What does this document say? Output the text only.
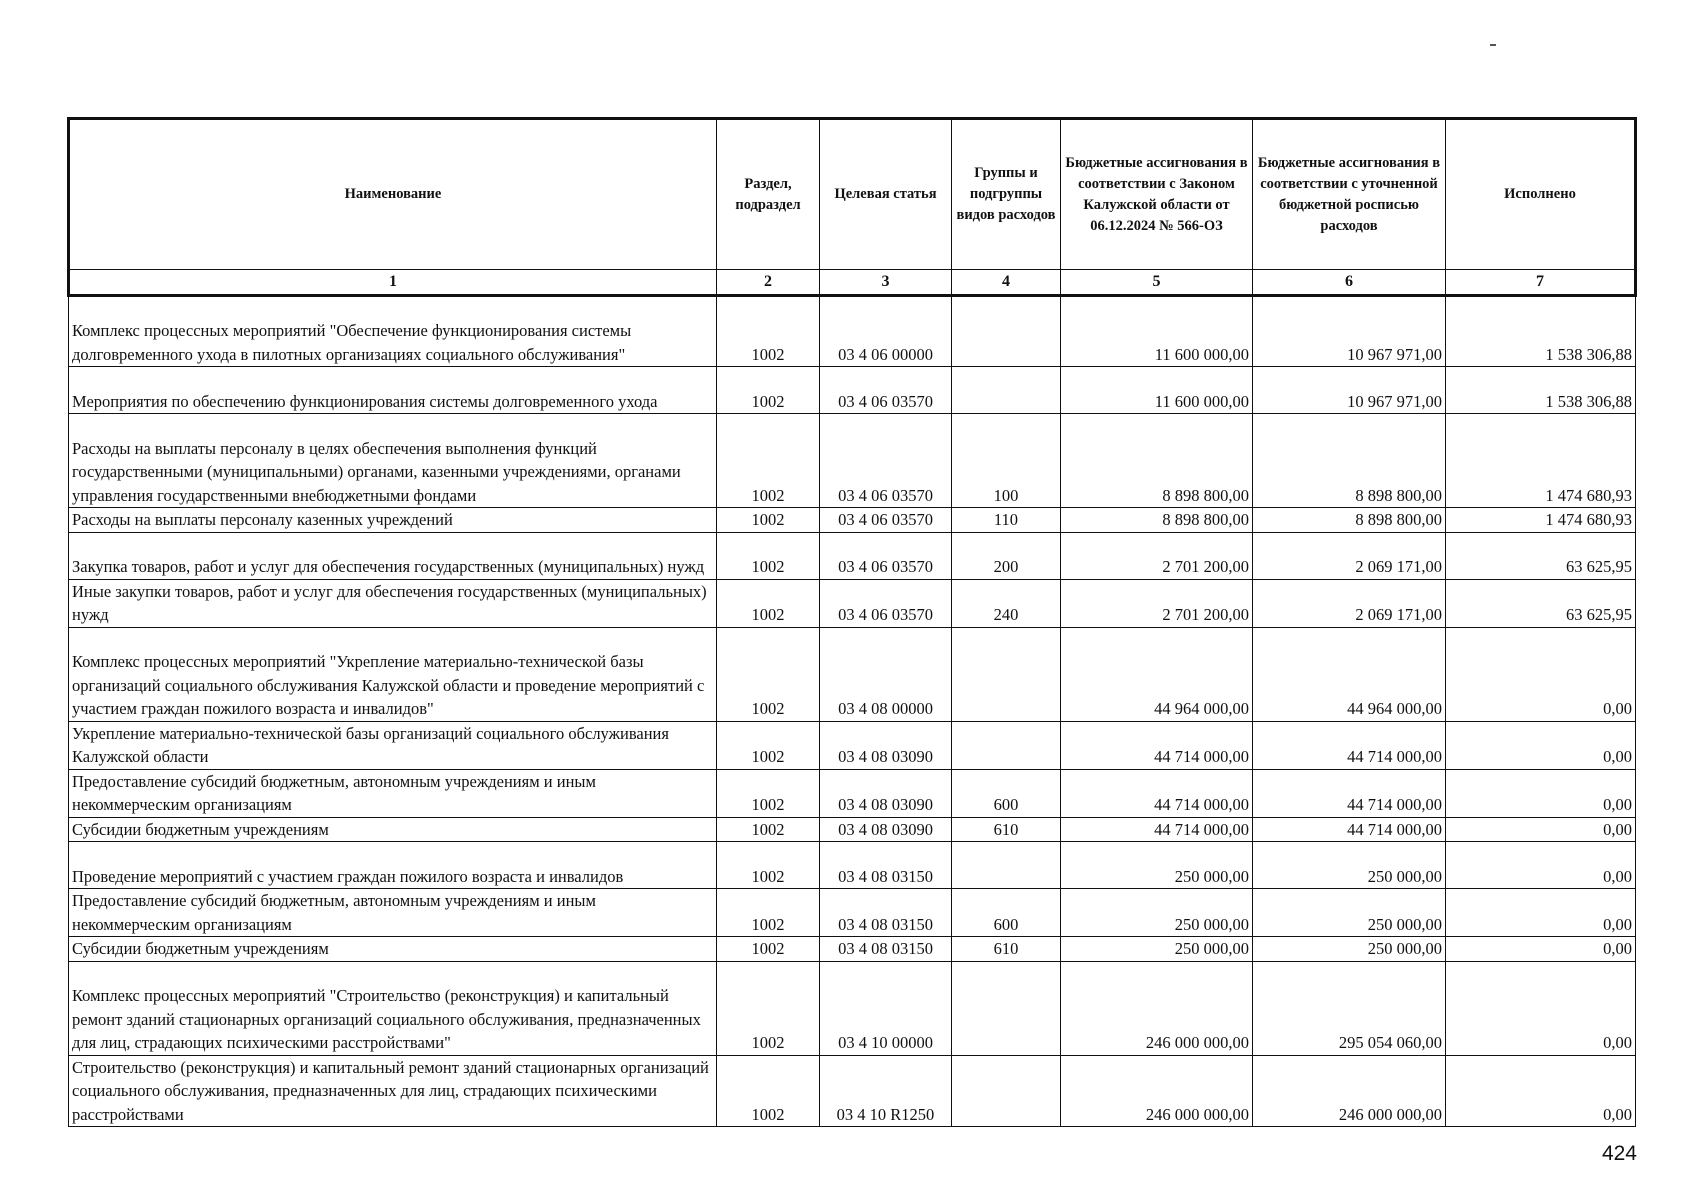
Наименование	Раздел, подраздел	Целевая статья	Группы и подгруппы видов расходов	Бюджетные ассигнования в соответствии с Законом Калужской области от 06.12.2024 № 566-ОЗ	Бюджетные ассигнования в соответствии с уточненной бюджетной росписью расходов	Исполнено
1	2	3	4	5	6	7
Комплекс процессных мероприятий "Обеспечение функционирования системы долговременного ухода в пилотных организациях социального обслуживания"	1002	03 4 06 00000		11 600 000,00	10 967 971,00	1 538 306,88
Мероприятия по обеспечению функционирования системы долговременного ухода	1002	03 4 06 03570		11 600 000,00	10 967 971,00	1 538 306,88
Расходы на выплаты персоналу в целях обеспечения выполнения функций государственными (муниципальными) органами, казенными учреждениями, органами управления государственными внебюджетными фондами	1002	03 4 06 03570	100	8 898 800,00	8 898 800,00	1 474 680,93
Расходы на выплаты персоналу казенных учреждений	1002	03 4 06 03570	110	8 898 800,00	8 898 800,00	1 474 680,93
Закупка товаров, работ и услуг для обеспечения государственных (муниципальных) нужд	1002	03 4 06 03570	200	2 701 200,00	2 069 171,00	63 625,95
Иные закупки товаров, работ и услуг для обеспечения государственных (муниципальных) нужд	1002	03 4 06 03570	240	2 701 200,00	2 069 171,00	63 625,95
Комплекс процессных мероприятий "Укрепление материально-технической базы организаций социального обслуживания Калужской области и проведение мероприятий с участием граждан пожилого возраста и инвалидов"	1002	03 4 08 00000		44 964 000,00	44 964 000,00	0,00
Укрепление материально-технической базы организаций социального обслуживания Калужской области	1002	03 4 08 03090		44 714 000,00	44 714 000,00	0,00
Предоставление субсидий бюджетным, автономным учреждениям и иным некоммерческим организациям	1002	03 4 08 03090	600	44 714 000,00	44 714 000,00	0,00
Субсидии бюджетным учреждениям	1002	03 4 08 03090	610	44 714 000,00	44 714 000,00	0,00
Проведение мероприятий с участием граждан пожилого возраста и инвалидов	1002	03 4 08 03150		250 000,00	250 000,00	0,00
Предоставление субсидий бюджетным, автономным учреждениям и иным некоммерческим организациям	1002	03 4 08 03150	600	250 000,00	250 000,00	0,00
Субсидии бюджетным учреждениям	1002	03 4 08 03150	610	250 000,00	250 000,00	0,00
Комплекс процессных мероприятий "Строительство (реконструкция) и капитальный ремонт зданий стационарных организаций социального обслуживания, предназначенных для лиц, страдающих психическими расстройствами"	1002	03 4 10 00000		246 000 000,00	295 054 060,00	0,00
Строительство (реконструкция) и капитальный ремонт зданий стационарных организаций социального обслуживания, предназначенных для лиц, страдающих психическими расстройствами	1002	03 4 10 R1250		246 000 000,00	246 000 000,00	0,00
424
